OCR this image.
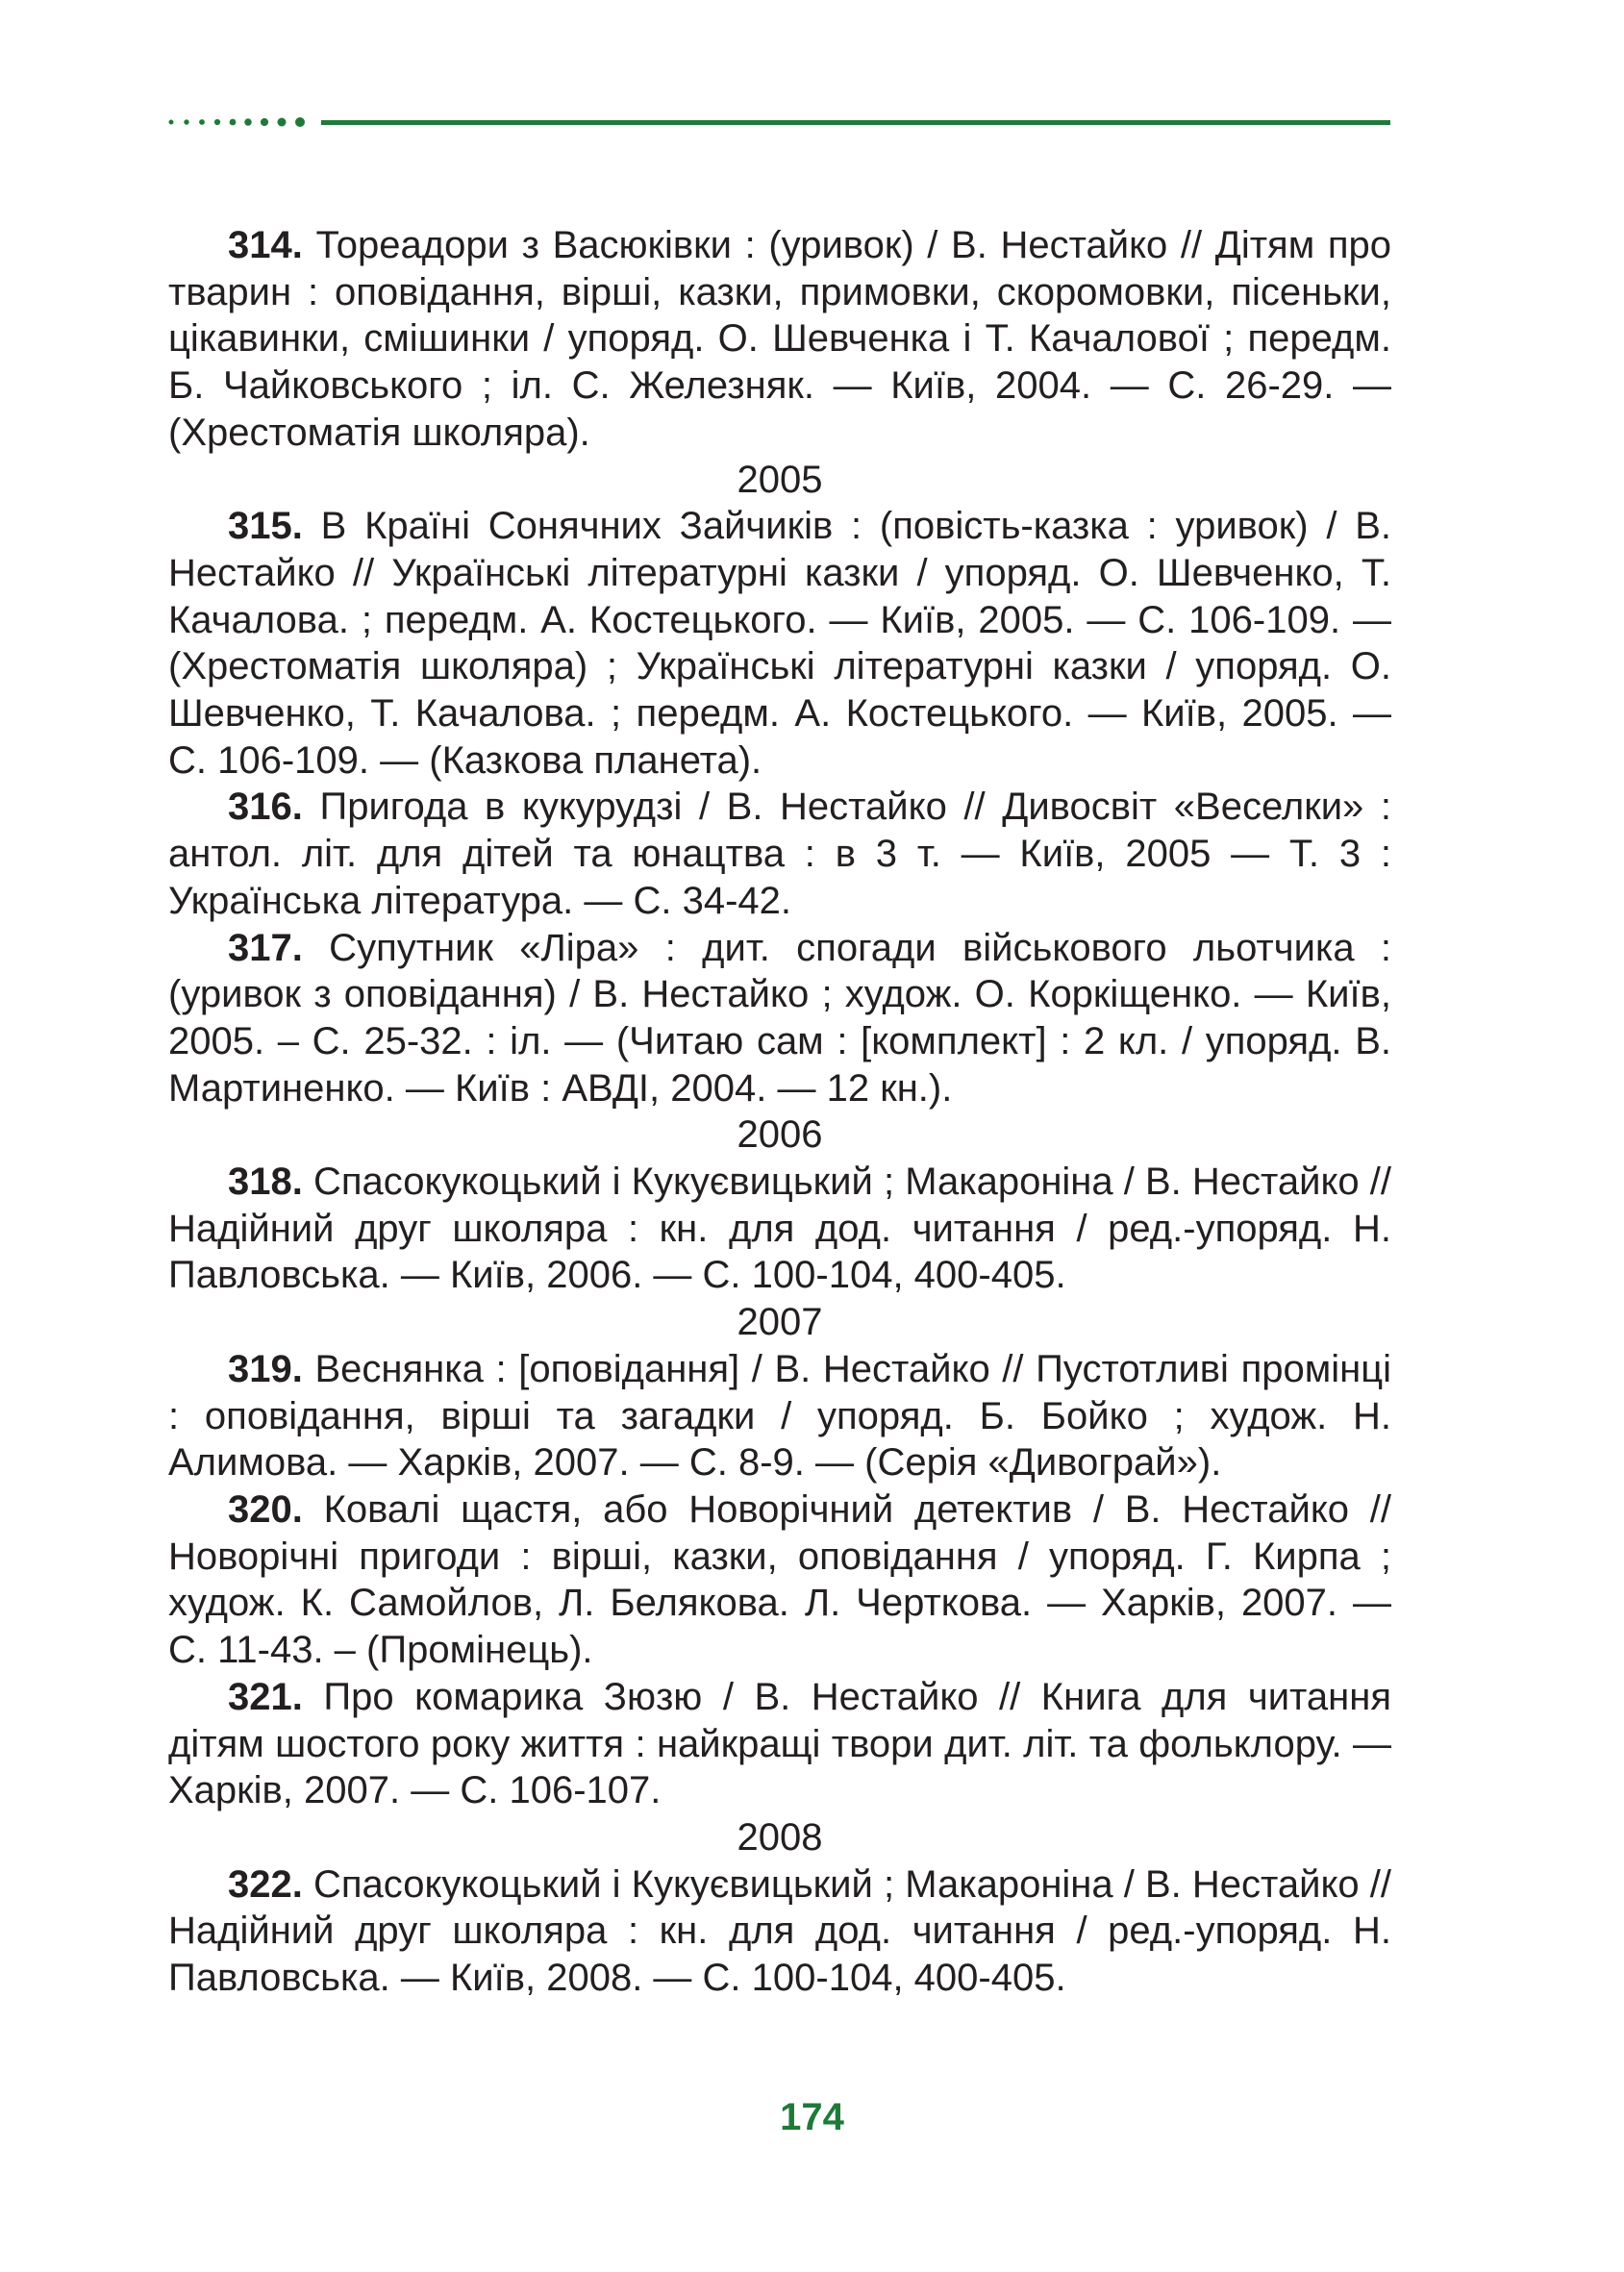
314. Тореадори з Васюківки : (уривок) / В. Нестайко // Дітям про тварин : оповідання, вірші, казки, примовки, скоромовки, пісеньки, цікавинки, смішинки / упоряд. О. Шевченка і Т. Качалової ; передм. Б. Чайковського ; іл. С. Железняк. — Київ, 2004. — С. 26-29. — (Хрестоматія школяра).

2005

315. В Країні Сонячних Зайчиків : (повість-казка : уривок) / В. Нестайко // Українські літературні казки / упоряд. О. Шевченко, Т. Качалова. ; передм. А. Костецького. — Київ, 2005. — С. 106-109. — (Хрестоматія школяра) ; Українські літературні казки / упоряд. О. Шевченко, Т. Качалова. ; передм. А. Костецького. — Київ, 2005. — С. 106-109. — (Казкова планета).

316. Пригода в кукурудзі / В. Нестайко // Дивосвіт «Веселки» : антол. літ. для дітей та юнацтва : в 3 т. — Київ, 2005 — Т. 3 : Українська література. — С. 34-42.

317. Супутник «Ліра» : дит. спогади військового льотчика : (уривок з оповідання) / В. Нестайко ; худож. О. Коркіщенко. — Київ, 2005. – С. 25-32. : іл. — (Читаю сам : [комплект] : 2 кл. / упоряд. В. Мартиненко. — Київ : АВДІ, 2004. — 12 кн.).

2006

318. Спасокукоцький і Кукуєвицький ; Макароніна / В. Нестайко // Надійний друг школяра : кн. для дод. читання / ред.-упоряд. Н. Павловська. — Київ, 2006. — С. 100-104, 400-405.

2007

319. Веснянка : [оповідання] / В. Нестайко // Пустотливі промінці : оповідання, вірші та загадки / упоряд. Б. Бойко ; худож. Н. Алимова. — Харків, 2007. — С. 8-9. — (Серія «Дивограй»).

320. Ковалі щастя, або Новорічний детектив / В. Нестайко // Новорічні пригоди : вірші, казки, оповідання / упоряд. Г. Кирпа ; худож. К. Самойлов, Л. Белякова. Л. Черткова. — Харків, 2007. — С. 11-43. – (Промінець).

321. Про комарика Зюзю / В. Нестайко // Книга для читання дітям шостого року життя : найкращі твори дит. літ. та фольклору. — Харків, 2007. — С. 106-107.

2008

322. Спасокукоцький і Кукуєвицький ; Макароніна / В. Нестайко // Надійний друг школяра : кн. для дод. читання / ред.-упоряд. Н. Павловська. — Київ, 2008. — С. 100-104, 400-405.

174
